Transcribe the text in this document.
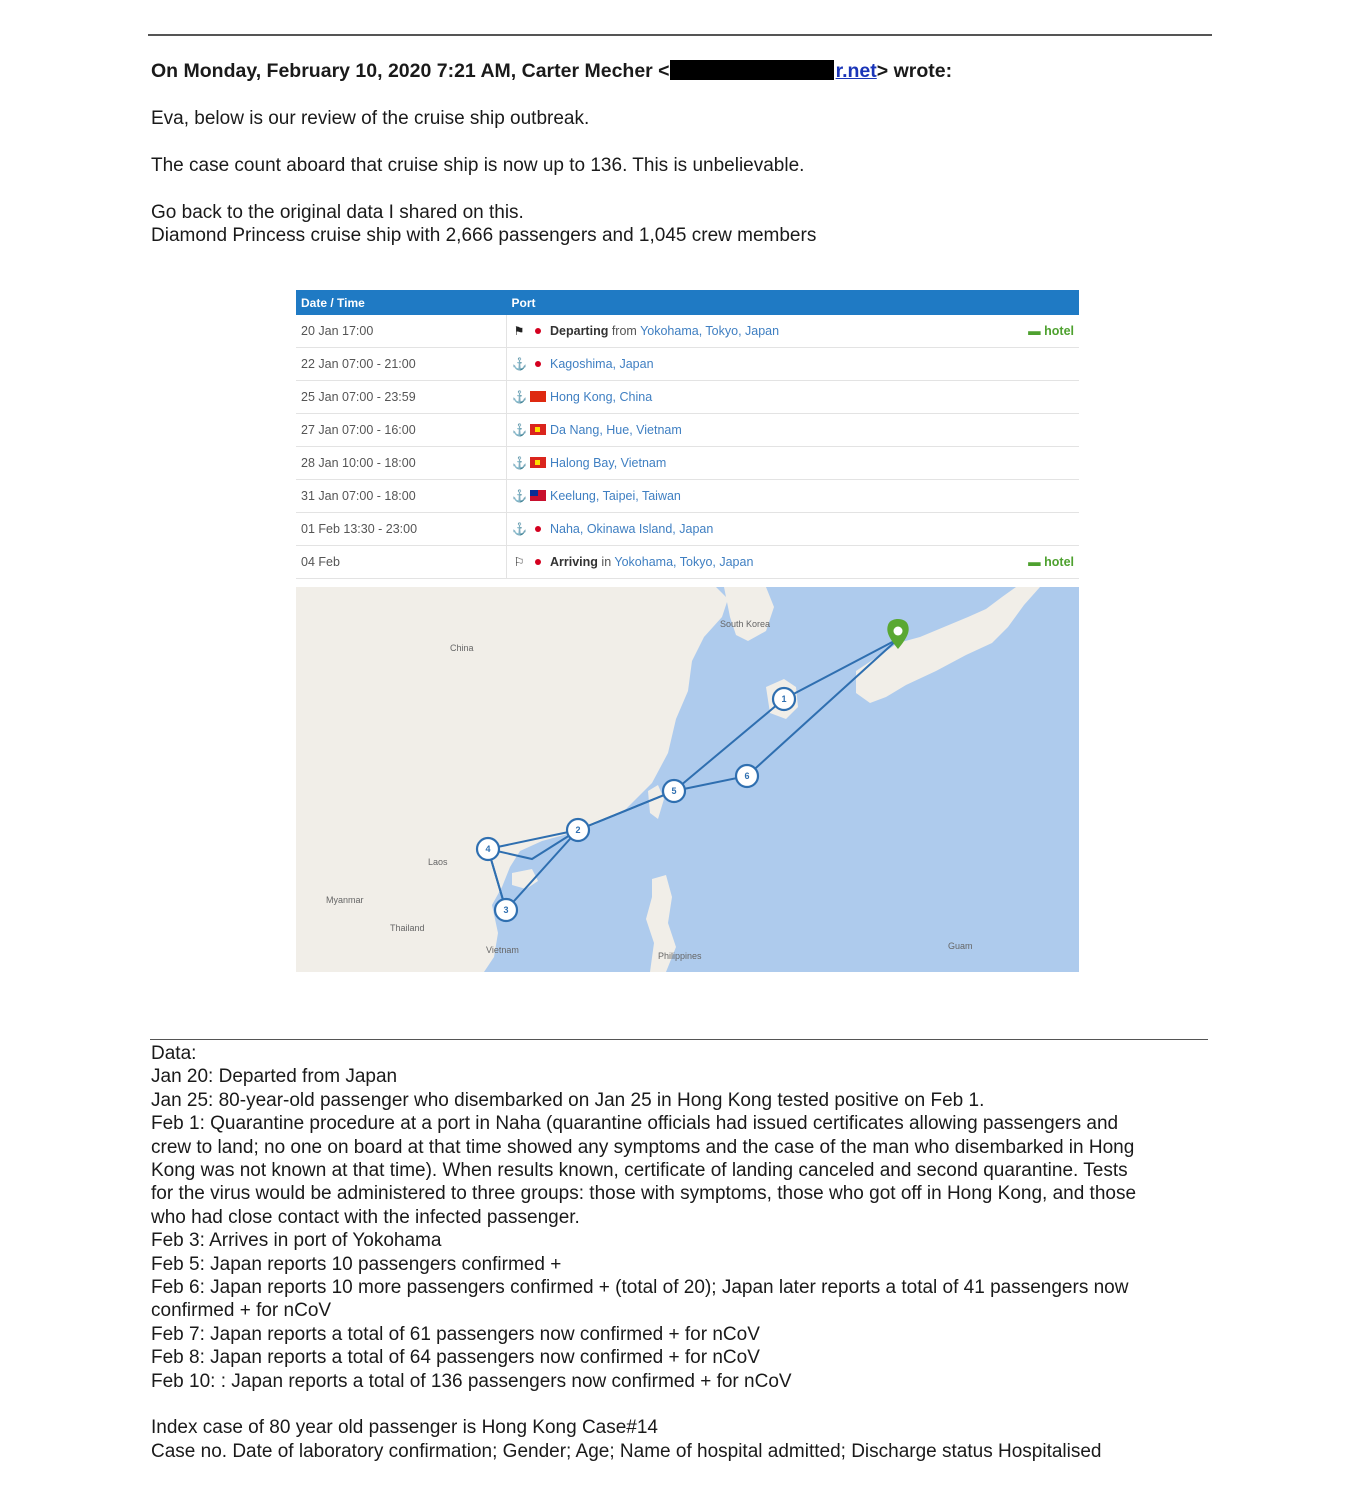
On Monday, February 10, 2020 7:21 AM, Carter Mecher <	r.net> wrote:
Eva, below is our review of the cruise ship outbreak.
The case count aboard that cruise ship is now up to 136. This is unbelievable.
Go back to the original data I shared on this.
Diamond Princess cruise ship with 2,666 passengers and 1,045 crew members
Date / Time	Port
20 Jan 17:00	⚑ Departing from Yokohama, Tokyo, Japan ▬ hotel

22 Jan 07:00 - 21:00	⚓ Kagoshima, Japan
25 Jan 07:00 - 23:59	⚓ Hong Kong, China
27 Jan 07:00 - 16:00	⚓ Da Nang, Hue, Vietnam
28 Jan 10:00 - 18:00	⚓ Halong Bay, Vietnam
31 Jan 07:00 - 18:00	⚓ Keelung, Taipei, Taiwan
01 Feb 13:30 - 23:00	⚓ Naha, Okinawa Island, Japan
04 Feb	⚐ Arriving in Yokohama, Tokyo, Japan ▬ hotel
China
South Korea
Laos
Myanmar
Thailand
Vietnam
Philippines
Guam
1
2
3
4
5
6
Data:
Jan 20: Departed from Japan
Jan 25: 80-year-old passenger who disembarked on Jan 25 in Hong Kong tested positive on Feb 1.
Feb 1: Quarantine procedure at a port in Naha (quarantine officials had issued certificates allowing passengers and
crew to land; no one on board at that time showed any symptoms and the case of the man who disembarked in Hong
Kong was not known at that time). When results known, certificate of landing canceled and second quarantine. Tests
for the virus would be administered to three groups: those with symptoms, those who got off in Hong Kong, and those
who had close contact with the infected passenger.
Feb 3: Arrives in port of Yokohama
Feb 5: Japan reports 10 passengers confirmed +
Feb 6: Japan reports 10 more passengers confirmed + (total of 20); Japan later reports a total of 41 passengers now
confirmed + for nCoV
Feb 7: Japan reports a total of 61 passengers now confirmed + for nCoV
Feb 8: Japan reports a total of 64 passengers now confirmed + for nCoV
Feb 10: : Japan reports a total of 136 passengers now confirmed + for nCoV
Index case of 80 year old passenger is Hong Kong Case#14
Case no. Date of laboratory confirmation; Gender; Age; Name of hospital admitted; Discharge status Hospitalised
